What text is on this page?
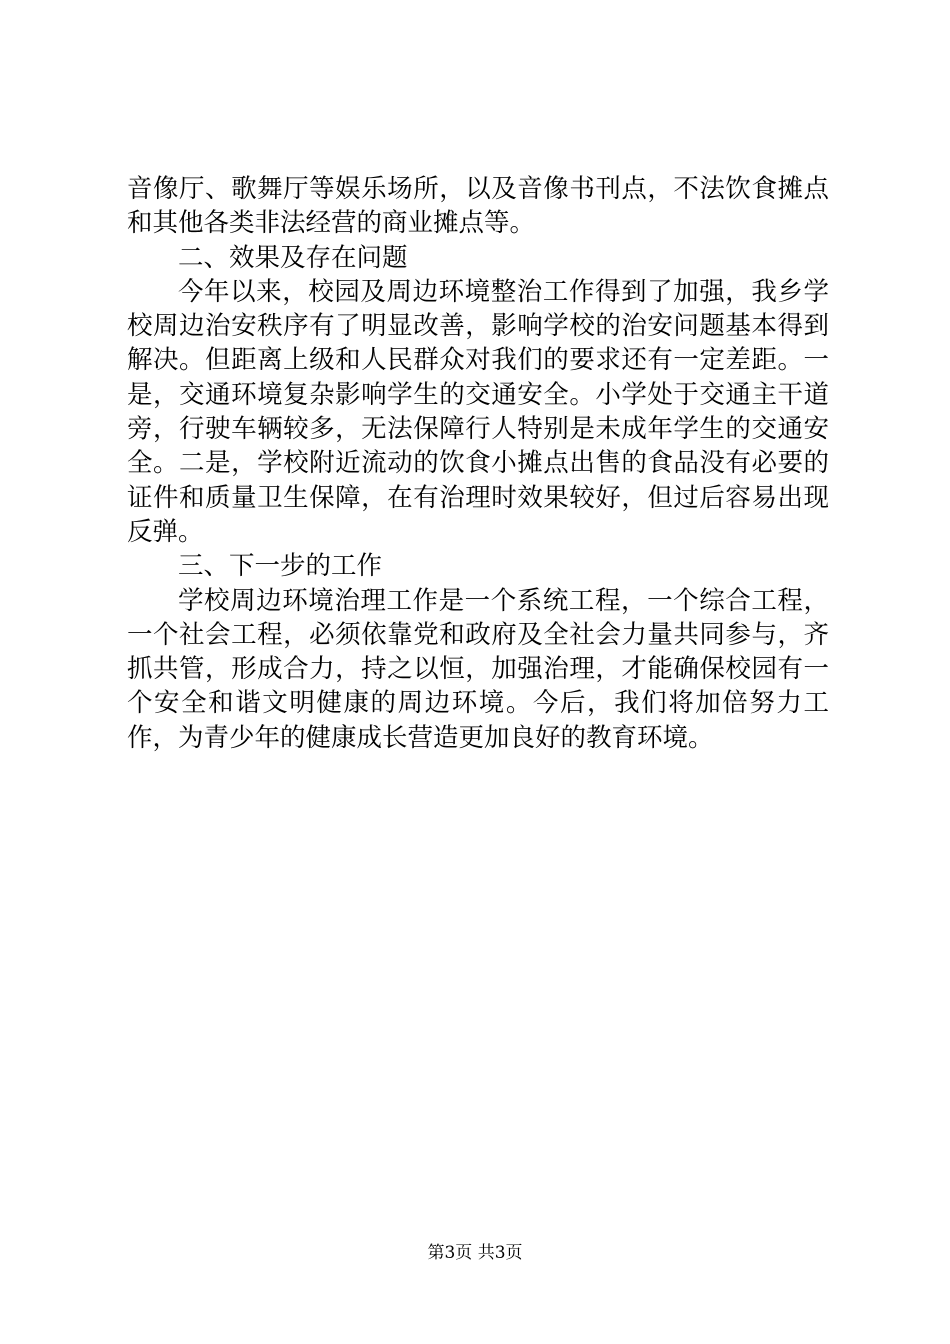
音像厅、歌舞厅等娱乐场所，以及音像书刊点，不法饮食摊点和其他各类非法经营的商业摊点等。

二、效果及存在问题

今年以来，校园及周边环境整治工作得到了加强，我乡学校周边治安秩序有了明显改善，影响学校的治安问题基本得到解决。但距离上级和人民群众对我们的要求还有一定差距。一是，交通环境复杂影响学生的交通安全。小学处于交通主干道旁，行驶车辆较多，无法保障行人特别是未成年学生的交通安全。二是，学校附近流动的饮食小摊点出售的食品没有必要的证件和质量卫生保障，在有治理时效果较好，但过后容易出现反弹。

三、下一步的工作

学校周边环境治理工作是一个系统工程，一个综合工程，一个社会工程，必须依靠党和政府及全社会力量共同参与，齐抓共管，形成合力，持之以恒，加强治理，才能确保校园有一个安全和谐文明健康的周边环境。今后，我们将加倍努力工作，为青少年的健康成长营造更加良好的教育环境。

第3页 共3页
